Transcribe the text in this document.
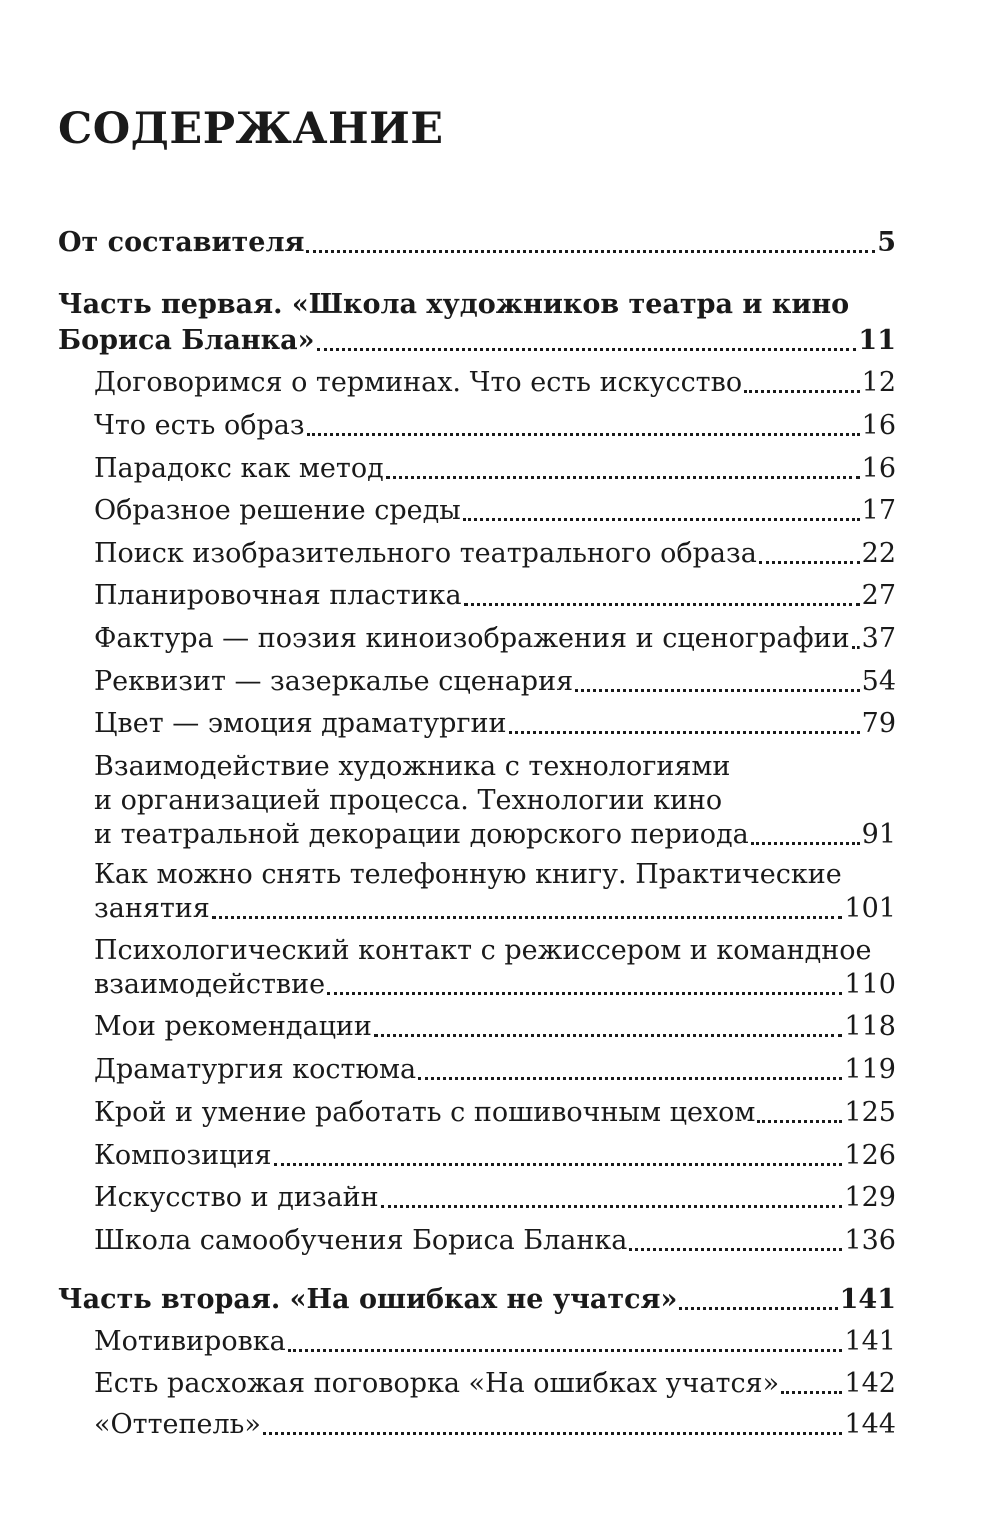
СОДЕРЖАНИЕ
От составителя	5
Часть первая. «Школа художников театра и кино
Бориса Бланка»	11
Договоримся о терминах. Что есть искусство	12
Что есть образ	16
Парадокс как метод	16
Образное решение среды	17
Поиск изобразительного театрального образа	22
Планировочная пластика	27
Фактура — поэзия киноизображения и сценографии 37
Реквизит — зазеркалье сценария	54
Цвет — эмоция драматургии	79
Взаимодействие художника с технологиями
и организацией процесса. Технологии кино
и театральной декорации доюрского периода	91
Как можно снять телефонную книгу. Практические
занятия	101
Психологический контакт с режиссером и командное
взаимодействие	110
Мои рекомендации	118
Драматургия костюма	119
Крой и умение работать с пошивочным цехом	125
Композиция	126
Искусство и дизайн	129
Школа самообучения Бориса Бланка	136
Часть вторая. «На ошибках не учатся»	141
Мотивировка	141
Есть расхожая поговорка «На ошибках учатся» 142
«Оттепель»	144
